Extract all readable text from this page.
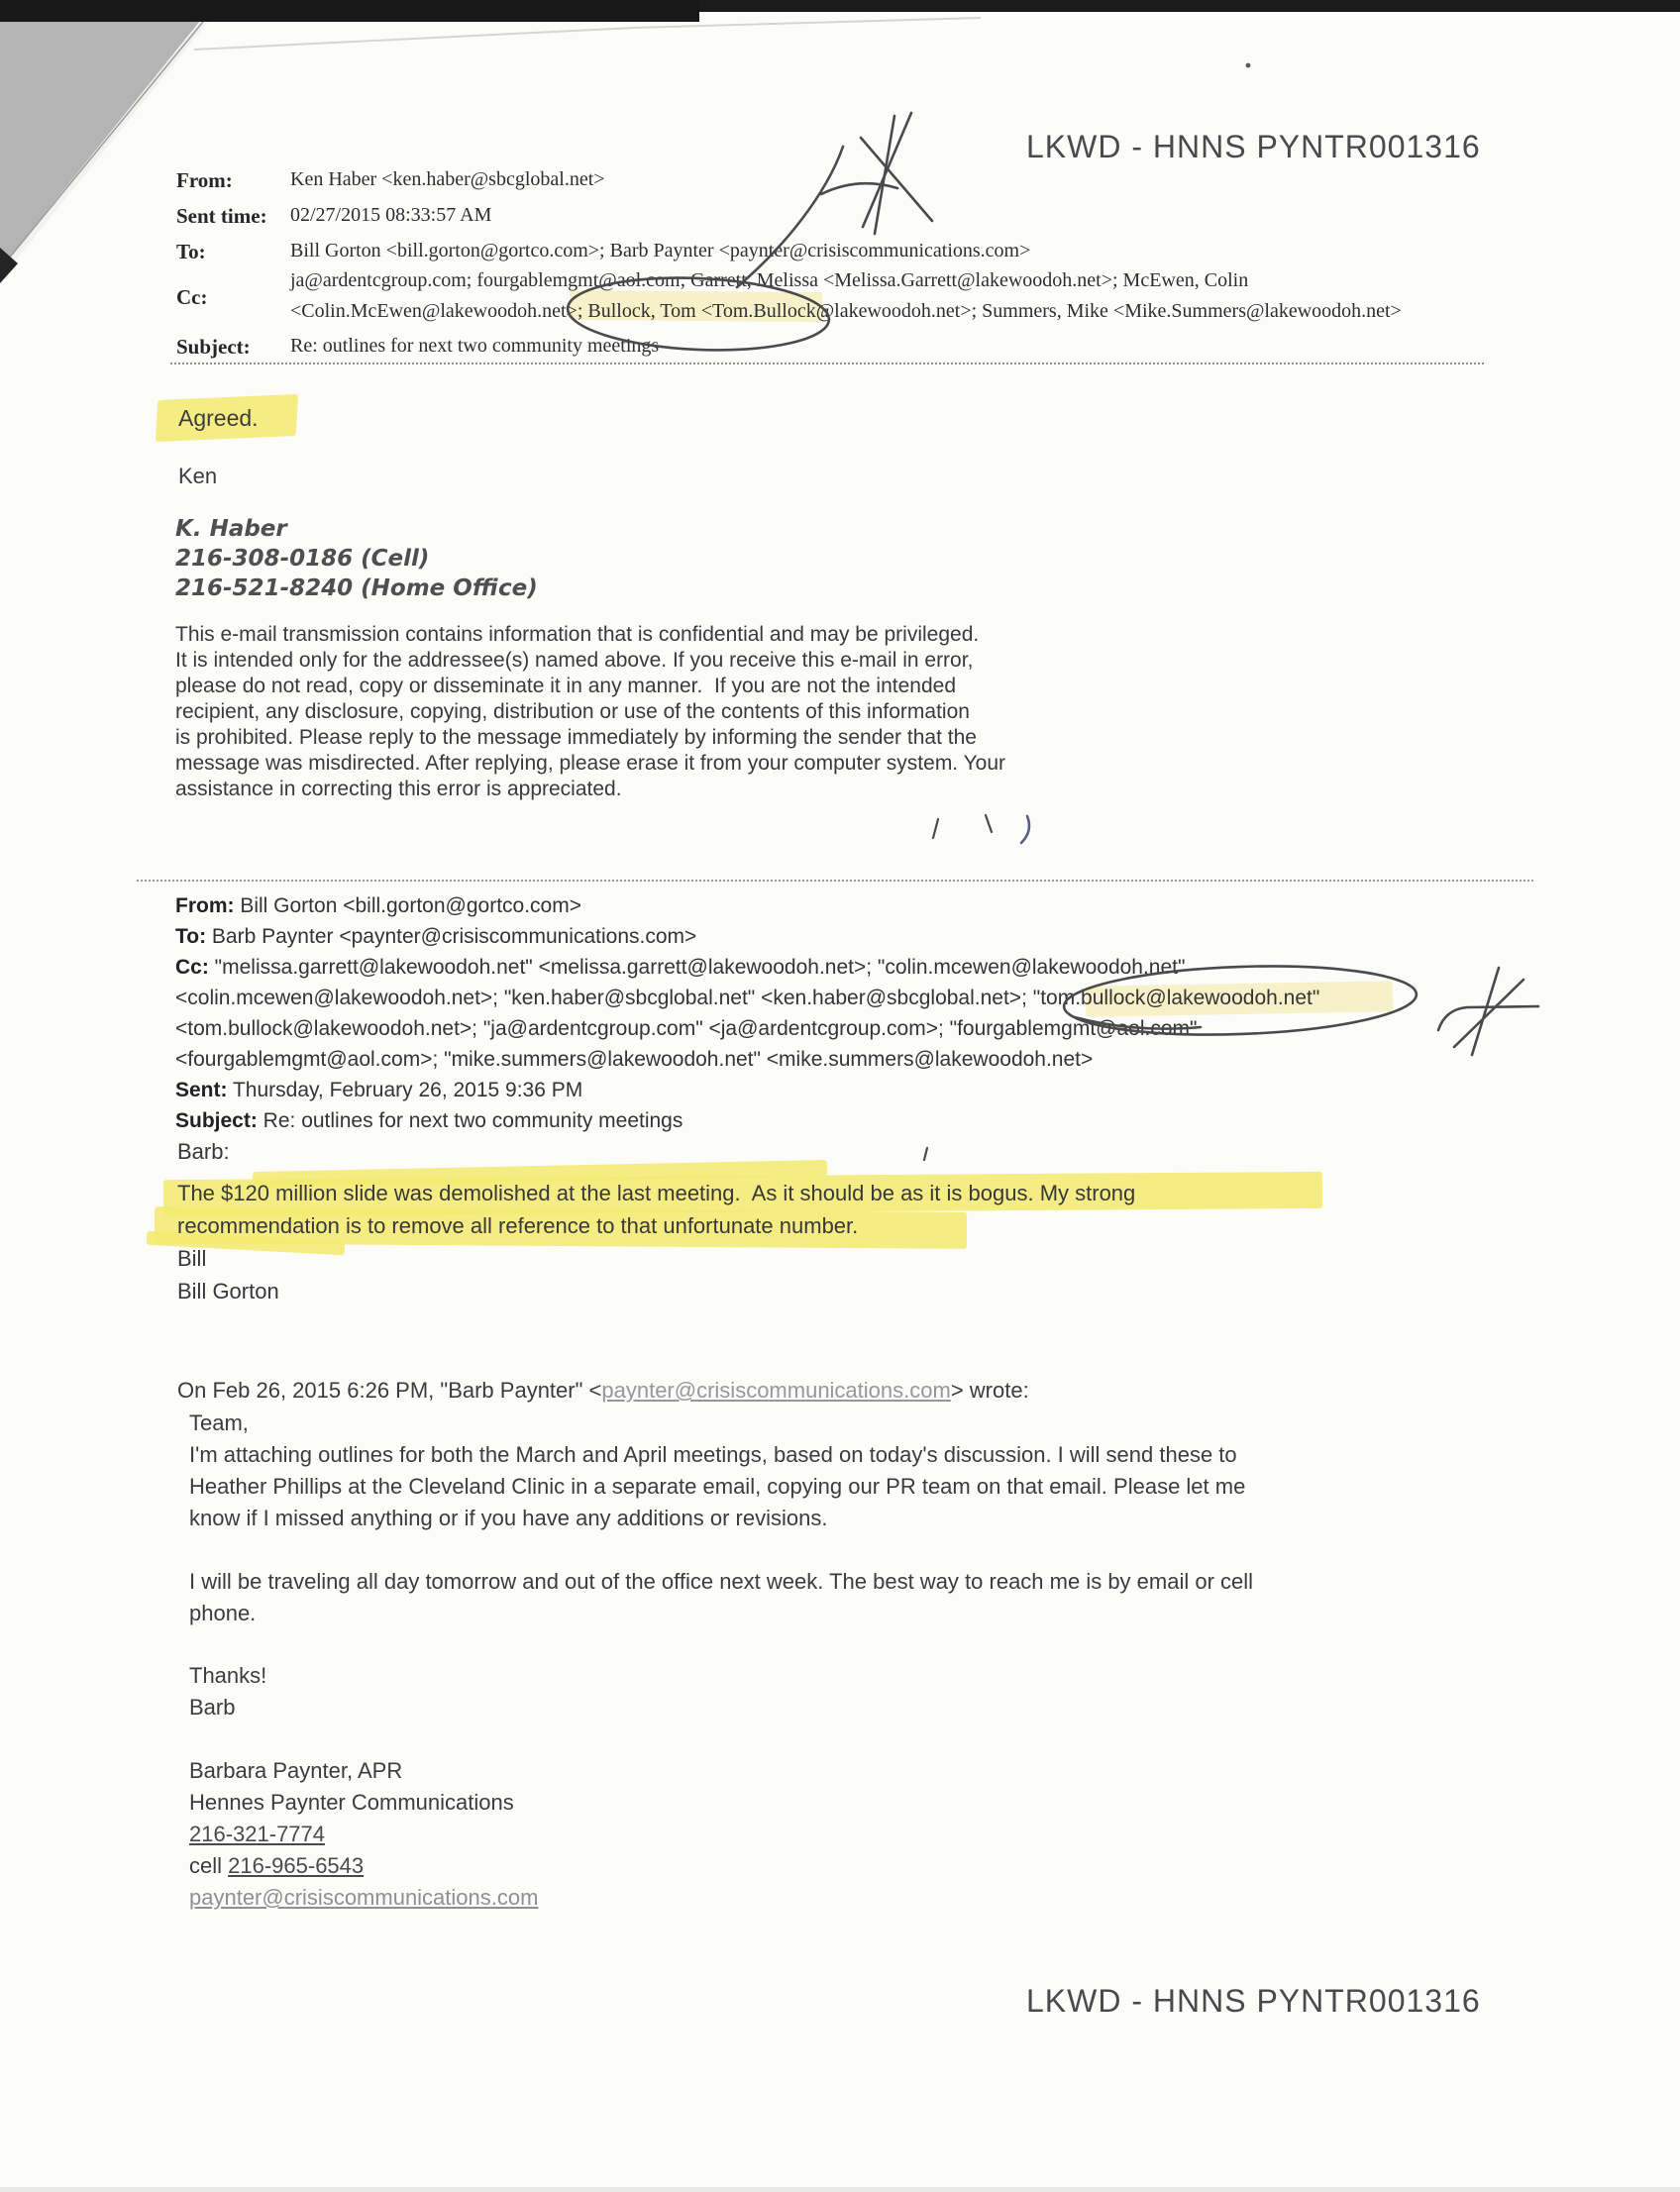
LKWD - HNNS PYNTR001316
From:	Ken Haber <ken.haber@sbcglobal.net>
Sent time: 02/27/2015 08:33:57 AM
To:	Bill Gorton <bill.gorton@gortco.com>; Barb Paynter <paynter@crisiscommunications.com>
Cc:
ja@ardentcgroup.com; fourgablemgmt@aol.com; Garrett, Melissa <Melissa.Garrett@lakewoodoh.net>; McEwen, Colin
<Colin.McEwen@lakewoodoh.net>; Bullock, Tom <Tom.Bullock@lakewoodoh.net>; Summers, Mike <Mike.Summers@lakewoodoh.net>
Subject: Re: outlines for next two community meetings
Agreed.
Ken
K. Haber
216-308-0186 (Cell)
216-521-8240 (Home Office)
This e-mail transmission contains information that is confidential and may be privileged.
It is intended only for the addressee(s) named above. If you receive this e-mail in error,
please do not read, copy or disseminate it in any manner.  If you are not the intended
recipient, any disclosure, copying, distribution or use of the contents of this information
is prohibited. Please reply to the message immediately by informing the sender that the
message was misdirected. After replying, please erase it from your computer system. Your
assistance in correcting this error is appreciated.
From: Bill Gorton <bill.gorton@gortco.com>
To: Barb Paynter <paynter@crisiscommunications.com>
Cc: "melissa.garrett@lakewoodoh.net" <melissa.garrett@lakewoodoh.net>; "colin.mcewen@lakewoodoh.net"
<colin.mcewen@lakewoodoh.net>; "ken.haber@sbcglobal.net" <ken.haber@sbcglobal.net>; "tom.bullock@lakewoodoh.net"
<tom.bullock@lakewoodoh.net>; "ja@ardentcgroup.com" <ja@ardentcgroup.com>; "fourgablemgmt@aol.com"
<fourgablemgmt@aol.com>; "mike.summers@lakewoodoh.net" <mike.summers@lakewoodoh.net>
Sent: Thursday, February 26, 2015 9:36 PM
Subject: Re: outlines for next two community meetings
Barb:
The $120 million slide was demolished at the last meeting.  As it should be as it is bogus. My strong
recommendation is to remove all reference to that unfortunate number.
Bill
Bill Gorton
On Feb 26, 2015 6:26 PM, "Barb Paynter" <paynter@crisiscommunications.com> wrote:
Team,
I'm attaching outlines for both the March and April meetings, based on today's discussion. I will send these to
Heather Phillips at the Cleveland Clinic in a separate email, copying our PR team on that email. Please let me
know if I missed anything or if you have any additions or revisions.
I will be traveling all day tomorrow and out of the office next week. The best way to reach me is by email or cell
phone.
Thanks!
Barb
Barbara Paynter, APR
Hennes Paynter Communications
216-321-7774
cell 216-965-6543
paynter@crisiscommunications.com
LKWD - HNNS PYNTR001316
